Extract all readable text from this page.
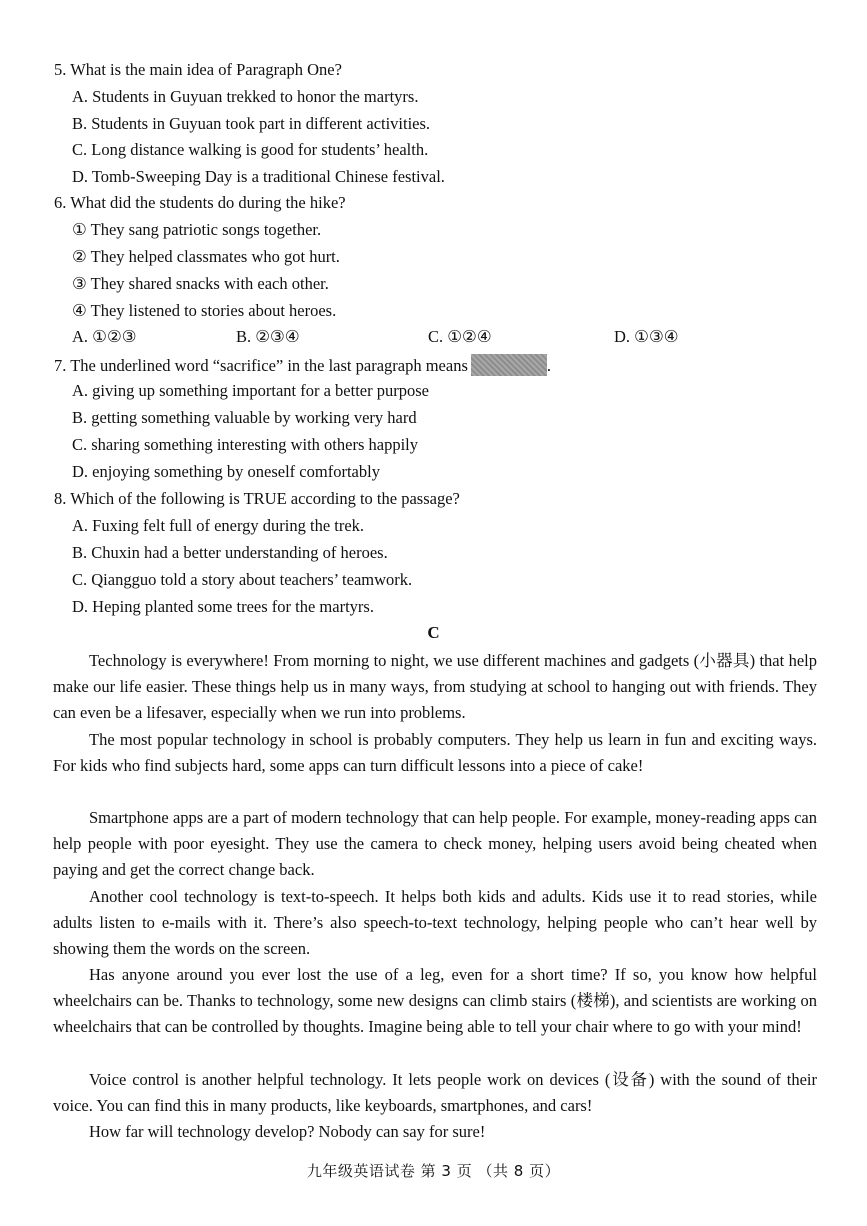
5. What is the main idea of Paragraph One?
A. Students in Guyuan trekked to honor the martyrs.
B. Students in Guyuan took part in different activities.
C. Long distance walking is good for students’ health.
D. Tomb-Sweeping Day is a traditional Chinese festival.
6. What did the students do during the hike?
① They sang patriotic songs together.
② They helped classmates who got hurt.
③ They shared snacks with each other.
④ They listened to stories about heroes.
A. ①②③	B. ②③④	C. ①②④	D. ①③④
7. The underlined word “sacrifice” in the last paragraph means	.
A. giving up something important for a better purpose
B. getting something valuable by working very hard
C. sharing something interesting with others happily
D. enjoying something by oneself comfortably
8. Which of the following is TRUE according to the passage?
A. Fuxing felt full of energy during the trek.
B. Chuxin had a better understanding of heroes.
C. Qiangguo told a story about teachers’ teamwork.
D. Heping planted some trees for the martyrs.
C
Technology is everywhere! From morning to night, we use different machines and gadgets (小器具) that help make our life easier. These things help us in many ways, from studying at school to hanging out with friends. They can even be a lifesaver, especially when we run into problems.
The most popular technology in school is probably computers. They help us learn in fun and exciting ways. For kids who find subjects hard, some apps can turn difficult lessons into a piece of cake!
Smartphone apps are a part of modern technology that can help people. For example, money-reading apps can help people with poor eyesight. They use the camera to check money, helping users avoid being cheated when paying and get the correct change back.
Another cool technology is text-to-speech. It helps both kids and adults. Kids use it to read stories, while adults listen to e-mails with it. There’s also speech-to-text technology, helping people who can’t hear well by showing them the words on the screen.
Has anyone around you ever lost the use of a leg, even for a short time? If so, you know how helpful wheelchairs can be. Thanks to technology, some new designs can climb stairs (楼梯), and scientists are working on wheelchairs that can be controlled by thoughts. Imagine being able to tell your chair where to go with your mind!
Voice control is another helpful technology. It lets people work on devices (设备) with the sound of their voice. You can find this in many products, like keyboards, smartphones, and cars!
How far will technology develop? Nobody can say for sure!
九年级英语试卷 第 3 页 （共 8 页）
